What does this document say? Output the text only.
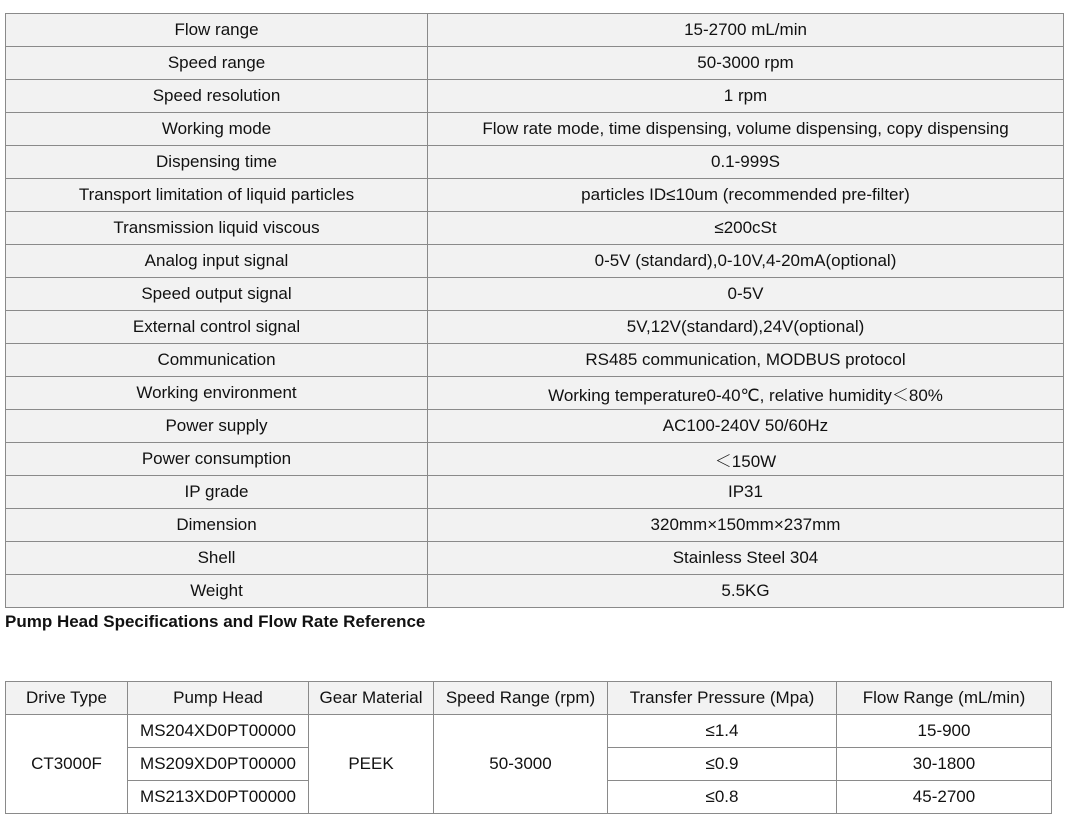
Flow range	15-2700 mL/min
Speed range	50-3000 rpm
Speed resolution	1 rpm
Working mode	Flow rate mode, time dispensing, volume dispensing, copy dispensing
Dispensing time	0.1-999S
Transport limitation of liquid particles	particles ID≤10um (recommended pre-filter)
Transmission liquid viscous	≤200cSt
Analog input signal	0-5V (standard),0-10V,4-20mA(optional)
Speed output signal	0-5V
External control signal	5V,12V(standard),24V(optional)
Communication	RS485 communication, MODBUS protocol
Working environment	Working temperature0-40℃, relative humidity＜80%
Power supply	AC100-240V 50/60Hz
Power consumption	＜150W
IP grade	IP31
Dimension	320mm×150mm×237mm
Shell	Stainless Steel 304
Weight	5.5KG
Pump Head Specifications and Flow Rate Reference
Drive Type	Pump Head	Gear Material	Speed Range (rpm)	Transfer Pressure (Mpa)	Flow Range (mL/min)
CT3000F	MS204XD0PT00000	PEEK	50-3000	≤1.4	15-900
	MS209XD0PT00000			≤0.9	30-1800
	MS213XD0PT00000			≤0.8	45-2700
